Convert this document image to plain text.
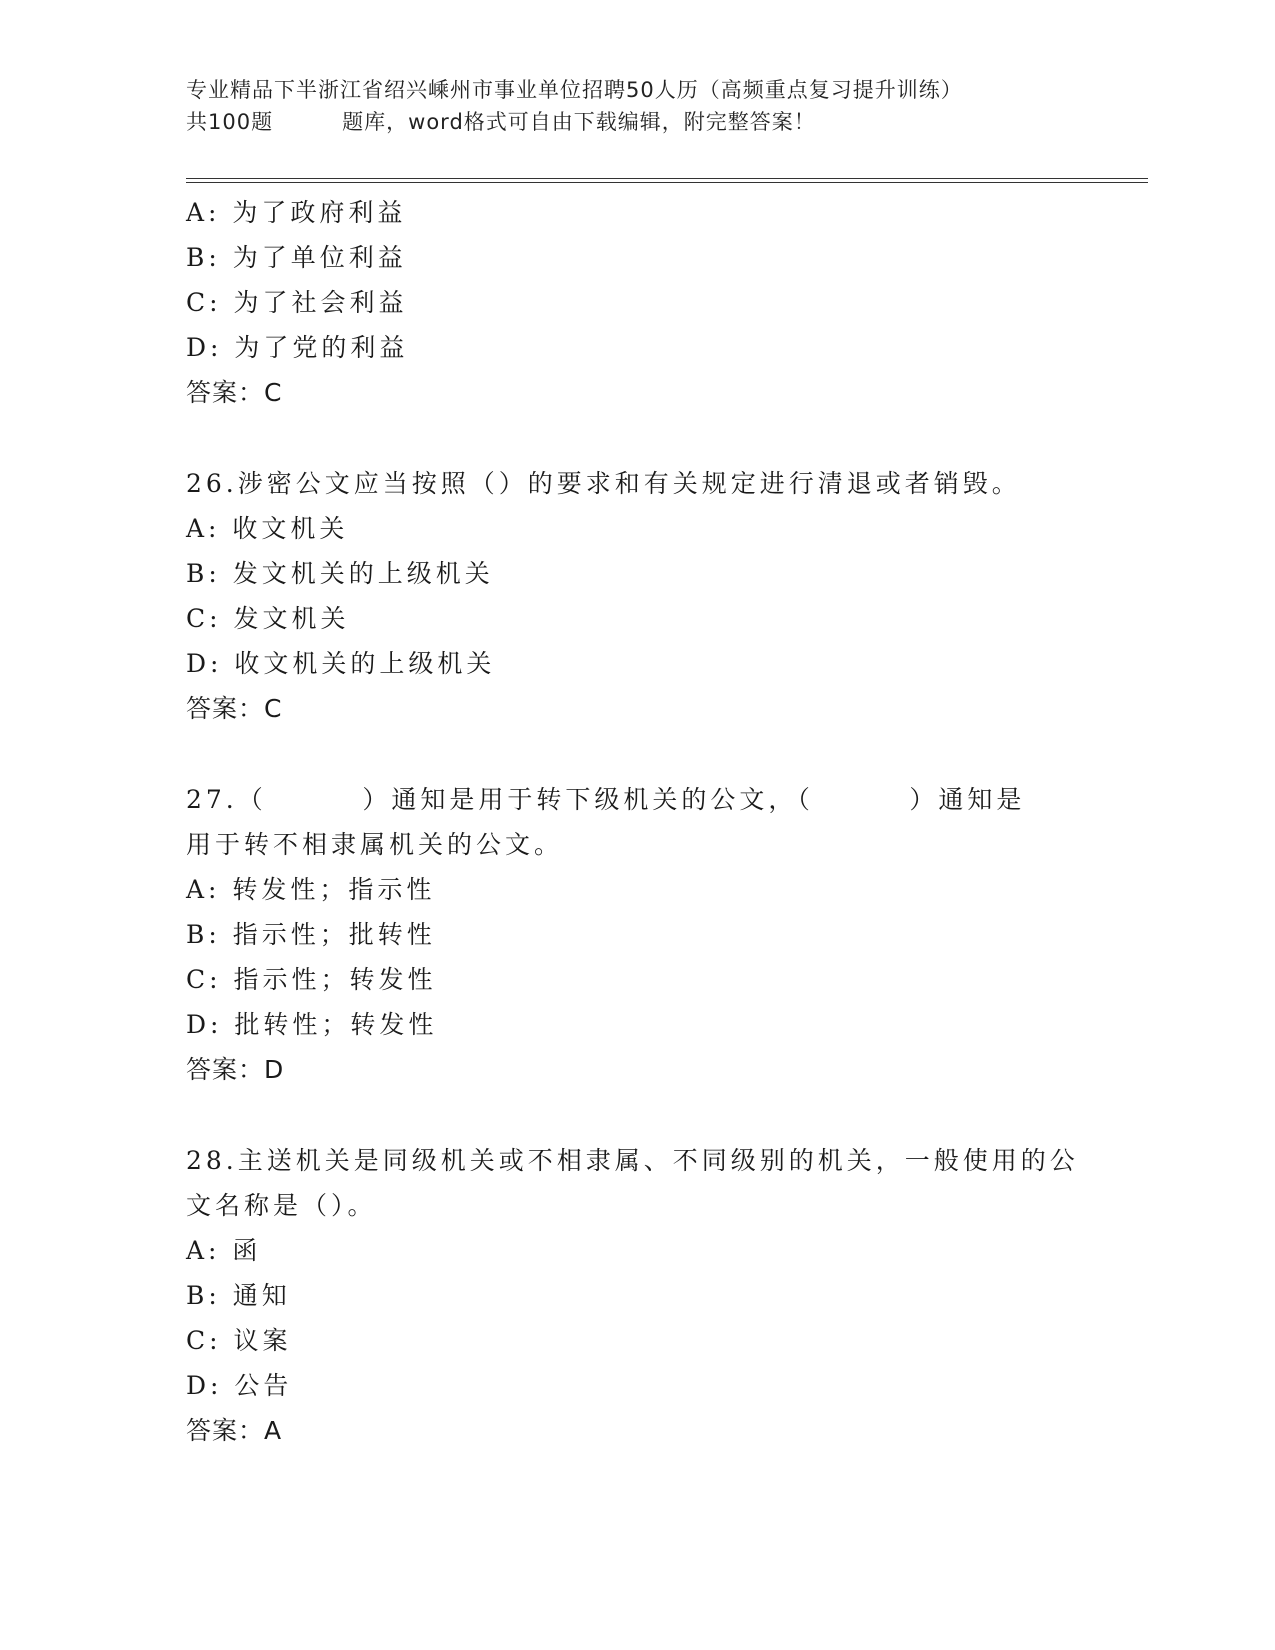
专业精品下半浙江省绍兴嵊州市事业单位招聘50人历（高频重点复习提升训练）
共100题         题库，word格式可自由下载编辑，附完整答案！
A: 为了政府利益
B: 为了单位利益
C: 为了社会利益
D: 为了党的利益
答案：C
26.涉密公文应当按照（）的要求和有关规定进行清退或者销毁。
A: 收文机关
B: 发文机关的上级机关
C: 发文机关
D: 收文机关的上级机关
答案：C
27.（        ）通知是用于转下级机关的公文，（        ）通知是
用于转不相隶属机关的公文。
A: 转发性；指示性
B: 指示性；批转性
C: 指示性；转发性
D: 批转性；转发性
答案：D
28.主送机关是同级机关或不相隶属、不同级别的机关，一般使用的公
文名称是（）。
A: 函
B: 通知
C: 议案
D: 公告
答案：A
